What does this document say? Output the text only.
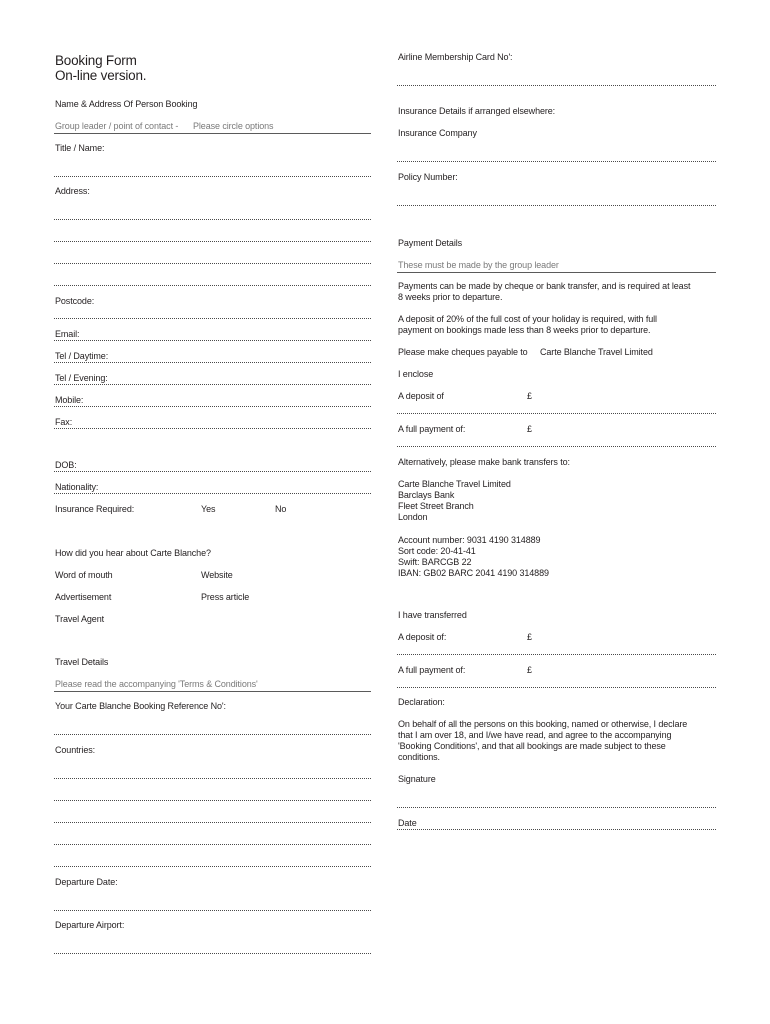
Booking Form
On-line version.
Name & Address Of Person Booking
Group leader / point of contact - Please circle options
Title / Name:
Address:
Postcode:
Email:
Tel / Daytime:
Tel / Evening:
Mobile:
Fax:
DOB:
Nationality:
Insurance Required:	Yes	No
How did you hear about Carte Blanche?
Word of mouth	Website
Advertisement	Press article
Travel Agent
Travel Details
Please read the accompanying 'Terms & Conditions'
Your Carte Blanche Booking Reference No':
Countries:
Departure Date:
Departure Airport:
Airline Membership Card No':
Insurance Details if arranged elsewhere:
Insurance Company
Policy Number:
Payment Details
These must be made by the group leader
Payments can be made by cheque or bank transfer, and is required at least
8 weeks prior to departure.
A deposit of 20% of the full cost of your holiday is required, with full
payment on bookings made less than 8 weeks prior to departure.
Please make cheques payable to Carte Blanche Travel Limited
I enclose
A deposit of	£
A full payment of:	£
Alternatively, please make bank transfers to:
Carte Blanche Travel Limited
Barclays Bank
Fleet Street Branch
London
Account number: 9031 4190 314889
Sort code: 20-41-41
Swift: BARCGB 22
IBAN: GB02 BARC 2041 4190 314889
I have transferred
A deposit of:	£
A full payment of:	£
Declaration:
On behalf of all the persons on this booking, named or otherwise, I declare
that I am over 18, and I/we have read, and agree to the accompanying
'Booking Conditions', and that all bookings are made subject to these
conditions.
Signature
Date
